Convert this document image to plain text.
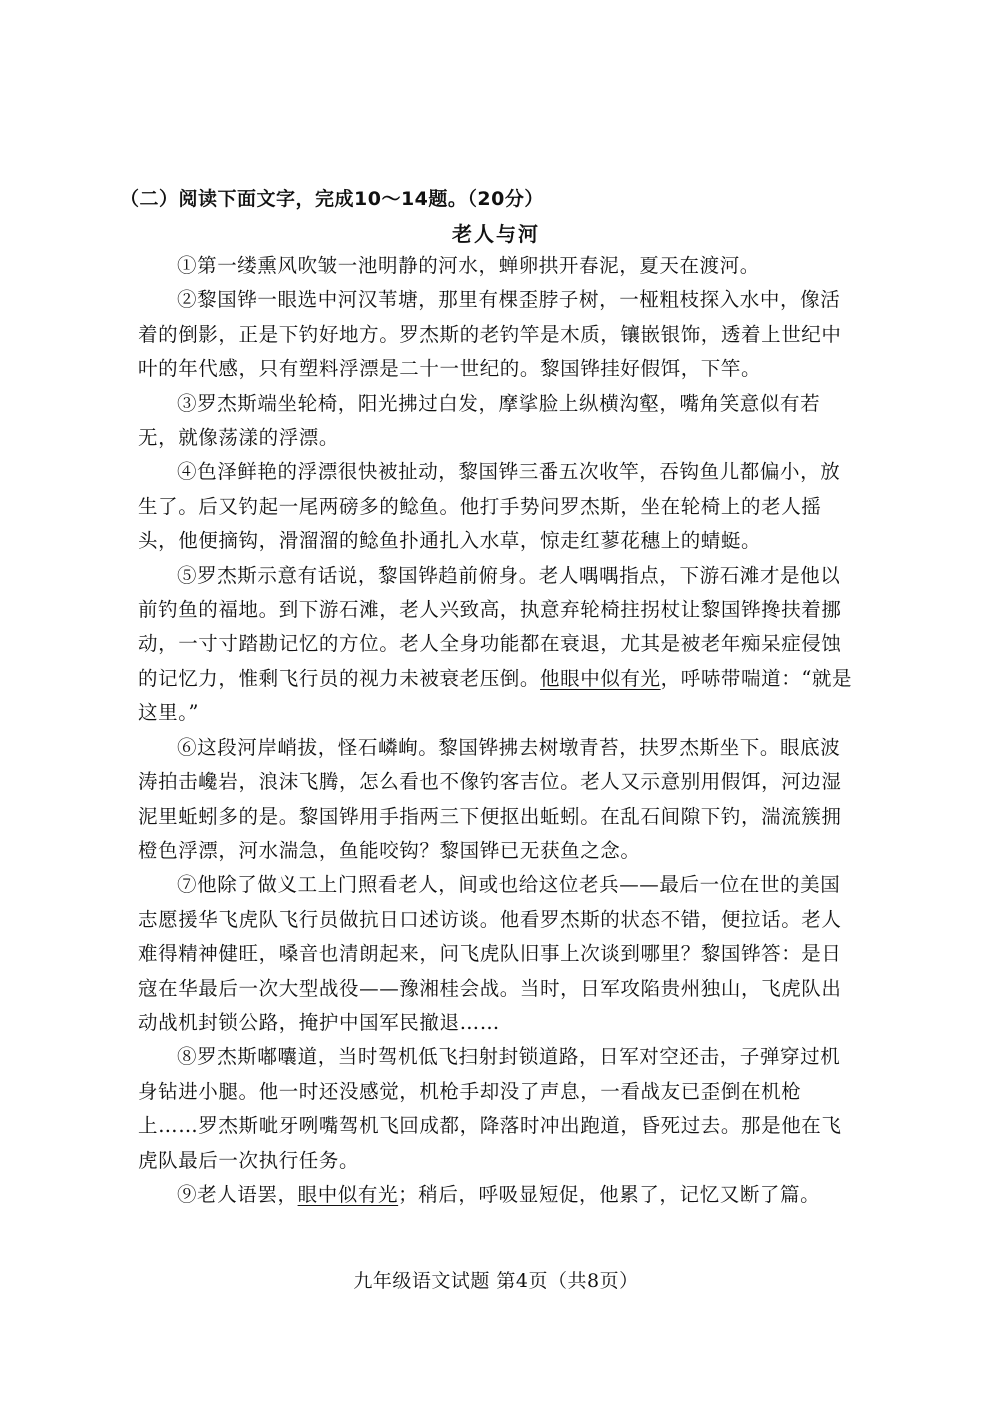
（二）阅读下面文字，完成10～14题。（20分）
老人与河

①第一缕熏风吹皱一池明静的河水，蝉卵拱开春泥，夏天在渡河。

②黎国铧一眼选中河汉苇塘，那里有棵歪脖子树，一桠粗枝探入水中，像活着的倒影，正是下钓好地方。罗杰斯的老钓竿是木质，镶嵌银饰，透着上世纪中叶的年代感，只有塑料浮漂是二十一世纪的。黎国铧挂好假饵，下竿。

③罗杰斯端坐轮椅，阳光拂过白发，摩挲脸上纵横沟壑，嘴角笑意似有若无，就像荡漾的浮漂。

④色泽鲜艳的浮漂很快被扯动，黎国铧三番五次收竿，吞钩鱼儿都偏小，放生了。后又钓起一尾两磅多的鲶鱼。他打手势问罗杰斯，坐在轮椅上的老人摇头，他便摘钩，滑溜溜的鲶鱼扑通扎入水草，惊走红蓼花穗上的蜻蜓。

⑤罗杰斯示意有话说，黎国铧趋前俯身。老人喁喁指点，下游石滩才是他以前钓鱼的福地。到下游石滩，老人兴致高，执意弃轮椅拄拐杖让黎国铧搀扶着挪动，一寸寸踏勘记忆的方位。老人全身功能都在衰退，尤其是被老年痴呆症侵蚀的记忆力，惟剩飞行员的视力未被衰老压倒。他眼中似有光，呼哧带喘道：“就是这里。”

⑥这段河岸峭拔，怪石嶙峋。黎国铧拂去树墩青苔，扶罗杰斯坐下。眼底波涛拍击巉岩，浪沫飞腾，怎么看也不像钓客吉位。老人又示意别用假饵，河边湿泥里蚯蚓多的是。黎国铧用手指两三下便抠出蚯蚓。在乱石间隙下钓，湍流簇拥橙色浮漂，河水湍急，鱼能咬钩？黎国铧已无获鱼之念。

⑦他除了做义工上门照看老人，间或也给这位老兵——最后一位在世的美国志愿援华飞虎队飞行员做抗日口述访谈。他看罗杰斯的状态不错，便拉话。老人难得精神健旺，嗓音也清朗起来，问飞虎队旧事上次谈到哪里？黎国铧答：是日寇在华最后一次大型战役——豫湘桂会战。当时，日军攻陷贵州独山，飞虎队出动战机封锁公路，掩护中国军民撤退……

⑧罗杰斯嘟囔道，当时驾机低飞扫射封锁道路，日军对空还击，子弹穿过机身钻进小腿。他一时还没感觉，机枪手却没了声息，一看战友已歪倒在机枪上……罗杰斯呲牙咧嘴驾机飞回成都，降落时冲出跑道，昏死过去。那是他在飞虎队最后一次执行任务。

⑨老人语罢，眼中似有光；稍后，呼吸显短促，他累了，记忆又断了篇。

九年级语文试题 第4页（共8页）
